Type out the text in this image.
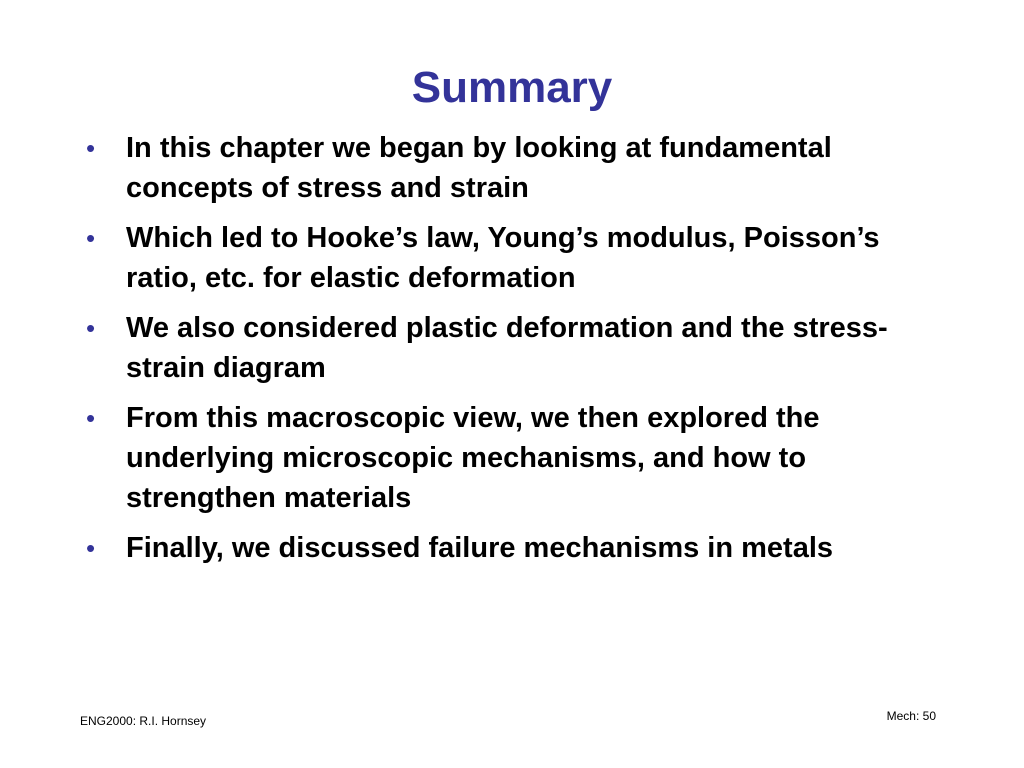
Summary
•	In this chapter we began by looking at fundamental concepts of stress and strain
•	Which led to Hooke’s law, Young’s modulus, Poisson’s ratio, etc. for elastic deformation
•	We also considered plastic deformation and the stress-strain diagram
•	From this macroscopic view, we then explored the underlying microscopic mechanisms, and how to strengthen materials
•	Finally, we discussed failure mechanisms in metals
ENG2000: R.I. Hornsey	Mech: 50
